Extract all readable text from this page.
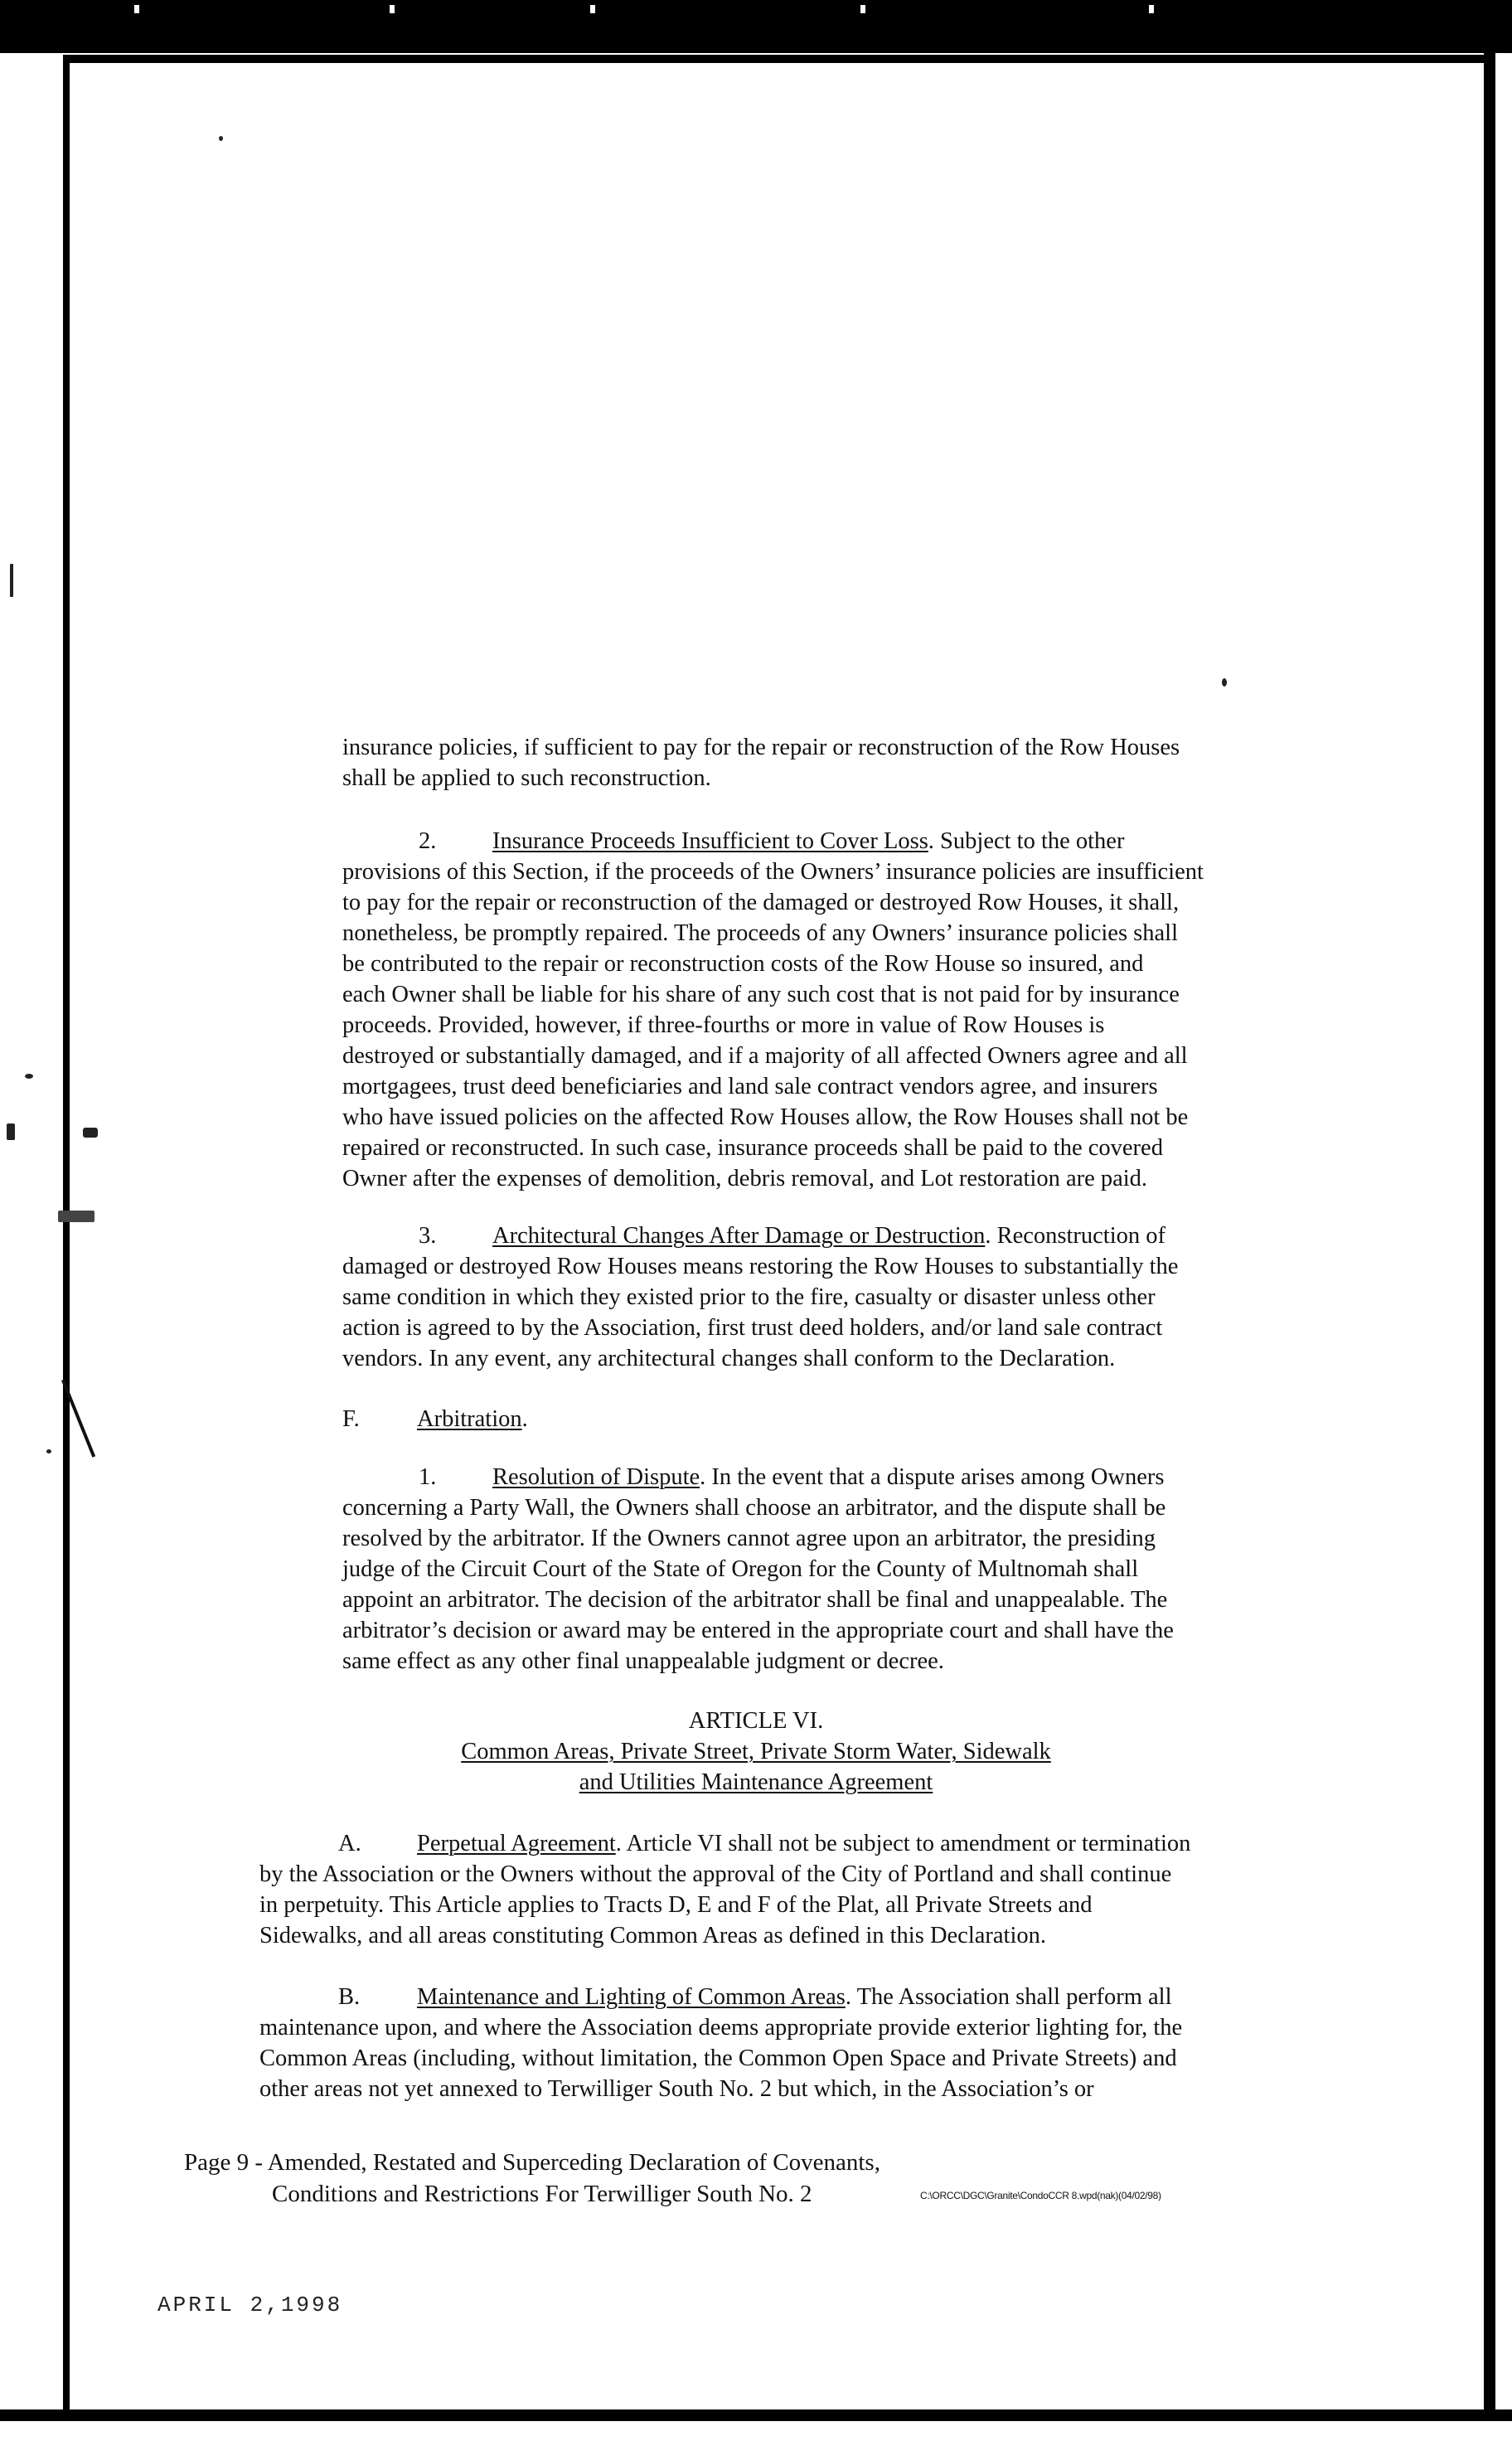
insurance policies, if sufficient to pay for the repair or reconstruction of the Row Houses
shall be applied to such reconstruction.
2. Insurance Proceeds Insufficient to Cover Loss. Subject to the other
provisions of this Section, if the proceeds of the Owners’ insurance policies are insufficient
to pay for the repair or reconstruction of the damaged or destroyed Row Houses, it shall,
nonetheless, be promptly repaired. The proceeds of any Owners’ insurance policies shall
be contributed to the repair or reconstruction costs of the Row House so insured, and
each Owner shall be liable for his share of any such cost that is not paid for by insurance
proceeds. Provided, however, if three-fourths or more in value of Row Houses is
destroyed or substantially damaged, and if a majority of all affected Owners agree and all
mortgagees, trust deed beneficiaries and land sale contract vendors agree, and insurers
who have issued policies on the affected Row Houses allow, the Row Houses shall not be
repaired or reconstructed. In such case, insurance proceeds shall be paid to the covered
Owner after the expenses of demolition, debris removal, and Lot restoration are paid.
3. Architectural Changes After Damage or Destruction. Reconstruction of
damaged or destroyed Row Houses means restoring the Row Houses to substantially the
same condition in which they existed prior to the fire, casualty or disaster unless other
action is agreed to by the Association, first trust deed holders, and/or land sale contract
vendors. In any event, any architectural changes shall conform to the Declaration.
F. Arbitration.
1. Resolution of Dispute. In the event that a dispute arises among Owners
concerning a Party Wall, the Owners shall choose an arbitrator, and the dispute shall be
resolved by the arbitrator. If the Owners cannot agree upon an arbitrator, the presiding
judge of the Circuit Court of the State of Oregon for the County of Multnomah shall
appoint an arbitrator. The decision of the arbitrator shall be final and unappealable. The
arbitrator’s decision or award may be entered in the appropriate court and shall have the
same effect as any other final unappealable judgment or decree.
ARTICLE VI.
Common Areas, Private Street, Private Storm Water, Sidewalk
and Utilities Maintenance Agreement
A. Perpetual Agreement. Article VI shall not be subject to amendment or termination
by the Association or the Owners without the approval of the City of Portland and shall continue
in perpetuity. This Article applies to Tracts D, E and F of the Plat, all Private Streets and
Sidewalks, and all areas constituting Common Areas as defined in this Declaration.
B. Maintenance and Lighting of Common Areas. The Association shall perform all
maintenance upon, and where the Association deems appropriate provide exterior lighting for, the
Common Areas (including, without limitation, the Common Open Space and Private Streets) and
other areas not yet annexed to Terwilliger South No. 2 but which, in the Association’s or
Page 9 - Amended, Restated and Superceding Declaration of Covenants,
Conditions and Restrictions For Terwilliger South No. 2	C:\ORCC\DGC\Granite\CondoCCR 8.wpd(nak)(04/02/98)
APRIL 2,1998
